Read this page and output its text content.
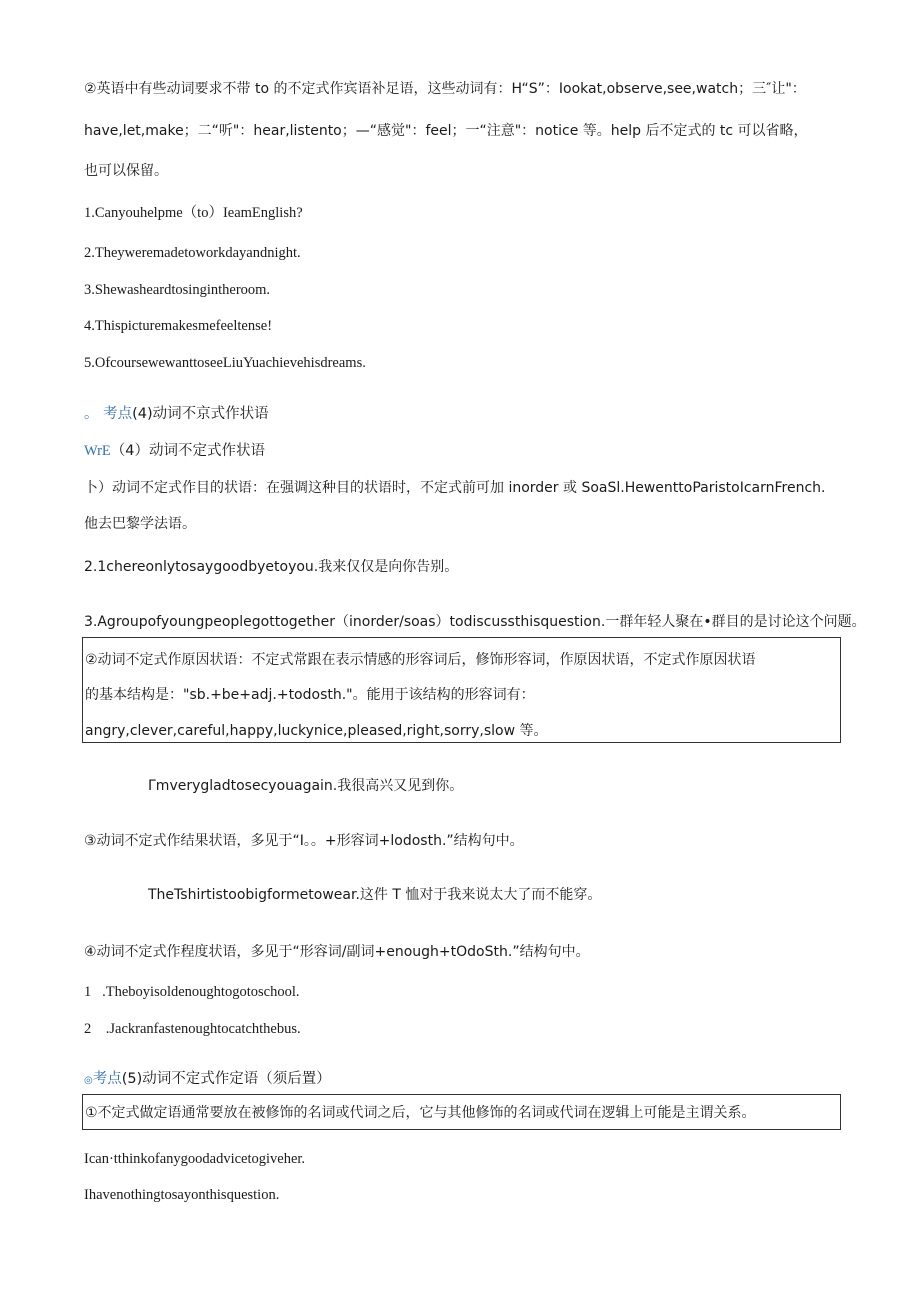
②英语中有些动词要求不带 to 的不定式作宾语补足语，这些动词有：H“S”：Iookat,observe,see,watch；三″让"：
have,let,make；二“听"：hear,listento；—“感觉"：feel；一“注意"：notice 等。help 后不定式的 tc 可以省略，
也可以保留。
1.Canyouhelpme（to）IeamEnglish?
2.Theyweremadetoworkdayandnight.
3.Shewasheardtosingintheroom.
4.Thispicturemakesmefeeltense!
5.OfcoursewewanttoseeLiuYuachievehisdreams.
。 考点(4)动词不京式作状语
WrE（4）动词不定式作状语
卜）动词不定式作目的状语：在强调这种目的状语时，不定式前可加 inorder 或 SoaSl.HewenttoParistoIcarnFrench.
他去巴黎学法语。
2.1chereonlytosaygoodbyetoyou.我来仅仅是向你告别。
3.Agroupofyoungpeoplegottogether（inorder/soas）todiscussthisquestion.一群年轻人聚在•群目的是讨论这个问题。
②动词不定式作原因状语：不定式常跟在表示情感的形容词后，修饰形容词，作原因状语，不定式作原因状语
的基本结构是："sb.+be+adj.+todosth."。能用于该结构的形容词有：
angry,clever,careful,happy,luckynice,pleased,right,sorry,slow 等。
Γmverygladtosecyouagain.我很高兴又见到你。
③动词不定式作结果状语，多见于“I。。+形容词+lodosth.”结构句中。
TheTshirtistoobigformetowear.这件 T 恤对于我来说太大了而不能穿。
④动词不定式作程度状语，多见于“形容词/副词+enough+tOdoSth.”结构句中。
1 .Theboyisoldenoughtogotoschool.
2 .Jackranfastenoughtocatchthebus.
◎考点(5)动词不定式作定语（须后置）
①不定式做定语通常要放在被修饰的名词或代词之后，它与其他修饰的名词或代词在逻辑上可能是主谓关系。
Ican·tthinkofanygoodadvicetogiveher.
Ihavenothingtosayonthisquestion.
